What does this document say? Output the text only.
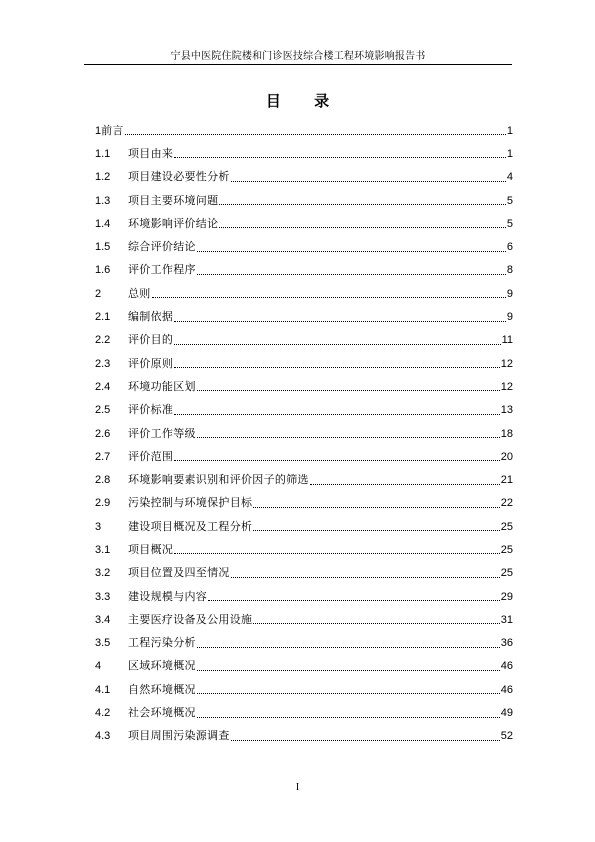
宁县中医院住院楼和门诊医技综合楼工程环境影响报告书
目 录
1 前言	1
1.1	项目由来	1
1.2	项目建设必要性分析	4
1.3	项目主要环境问题	5
1.4	环境影响评价结论	5
1.5	综合评价结论	6
1.6	评价工作程序	8
2	总则	9
2.1	编制依据	9
2.2	评价目的	11
2.3	评价原则	12
2.4	环境功能区划	12
2.5	评价标准	13
2.6	评价工作等级	18
2.7	评价范围	20
2.8	环境影响要素识别和评价因子的筛选	21
2.9	污染控制与环境保护目标	22
3	建设项目概况及工程分析	25
3.1	项目概况	25
3.2	项目位置及四至情况	25
3.3	建设规模与内容	29
3.4	主要医疗设备及公用设施	31
3.5	工程污染分析	36
4	区域环境概况	46
4.1	自然环境概况	46
4.2	社会环境概况	49
4.3	项目周围污染源调查	52
I
